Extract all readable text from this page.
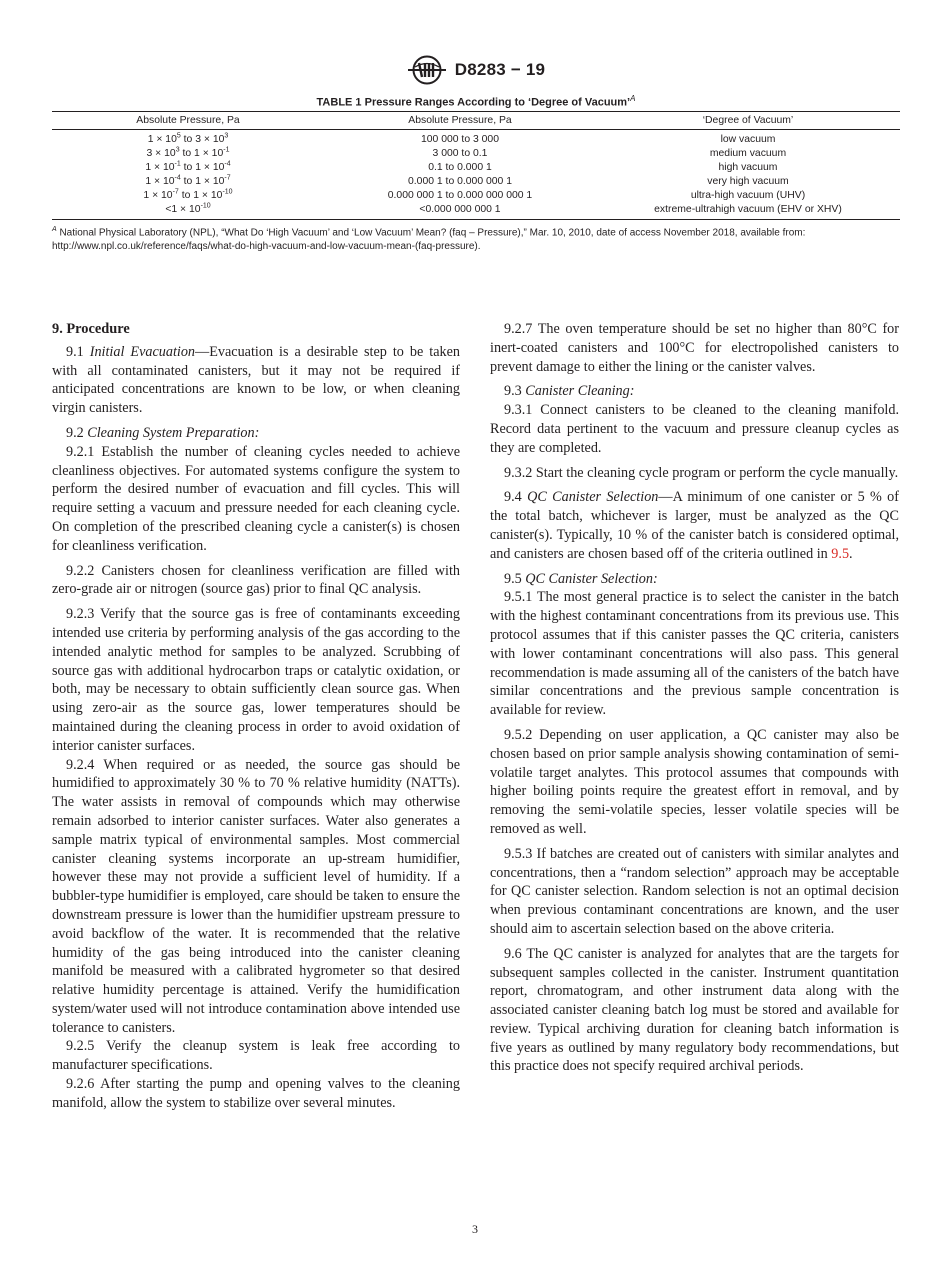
D8283 − 19
TABLE 1 Pressure Ranges According to ‘Degree of Vacuum’$^A$
Absolute Pressure, Pa	Absolute Pressure, Pa	‘Degree of Vacuum’
$1 \times 10^5$ to $3 \times 10^3$	100 000 to 3 000	low vacuum
$3 \times 10^3$ to $1 \times 10^{-1}$	3 000 to 0.1	medium vacuum
$1 \times 10^{-1}$ to $1 \times 10^{-4}$	0.1 to 0.000 1	high vacuum
$1 \times 10^{-4}$ to $1 \times 10^{-7}$	0.000 1 to 0.000 000 1	very high vacuum
$1 \times 10^{-7}$ to $1 \times 10^{-10}$	0.000 000 1 to 0.000 000 000 1	ultra-high vacuum (UHV)
$<1 \times 10^{-10}$	<0.000 000 000 1	extreme-ultrahigh vacuum (EHV or XHV)
$^A$ National Physical Laboratory (NPL), “What Do ‘High Vacuum’ and ‘Low Vacuum’ Mean? (faq – Pressure),” Mar. 10, 2010, date of access November 2018, available from: http://www.npl.co.uk/reference/faqs/what-do-high-vacuum-and-low-vacuum-mean-(faq-pressure).
9. Procedure

9.1 Initial Evacuation—Evacuation is a desirable step to be taken with all contaminated canisters, but it may not be required if anticipated concentrations are known to be low, or when cleaning virgin canisters.

9.2 Cleaning System Preparation:

9.2.1 Establish the number of cleaning cycles needed to achieve cleanliness objectives. For automated systems configure the system to perform the desired number of evacuation and fill cycles. This will require setting a vacuum and pressure needed for each cleaning cycle. On completion of the prescribed cleaning cycle a canister(s) is chosen for cleanliness verification.

9.2.2 Canisters chosen for cleanliness verification are filled with zero-grade air or nitrogen (source gas) prior to final QC analysis.

9.2.3 Verify that the source gas is free of contaminants exceeding intended use criteria by performing analysis of the gas according to the intended analytic method for samples to be analyzed. Scrubbing of source gas with additional hydrocarbon traps or catalytic oxidation, or both, may be necessary to obtain sufficiently clean source gas. When using zero-air as the source gas, lower temperatures should be maintained during the cleaning process in order to avoid oxidation of interior canister surfaces.

9.2.4 When required or as needed, the source gas should be humidified to approximately 30 % to 70 % relative humidity (NATTs). The water assists in removal of compounds which may otherwise remain adsorbed to interior canister surfaces. Water also generates a sample matrix typical of environmental samples. Most commercial canister cleaning systems incorporate an up-stream humidifier, however these may not provide a sufficient level of humidity. If a bubbler-type humidifier is employed, care should be taken to ensure the downstream pressure is lower than the humidifier upstream pressure to avoid backflow of the water. It is recommended that the relative humidity of the gas being introduced into the canister cleaning manifold be measured with a calibrated hygrometer so that desired relative humidity percentage is attained. Verify the humidification system/water used will not introduce contamination above intended use tolerance to canisters.

9.2.5 Verify the cleanup system is leak free according to manufacturer specifications.

9.2.6 After starting the pump and opening valves to the cleaning manifold, allow the system to stabilize over several minutes.

9.2.7 The oven temperature should be set no higher than 80°C for inert-coated canisters and 100°C for electropolished canisters to prevent damage to either the lining or the canister valves.

9.3 Canister Cleaning:

9.3.1 Connect canisters to be cleaned to the cleaning manifold. Record data pertinent to the vacuum and pressure cleanup cycles as they are completed.

9.3.2 Start the cleaning cycle program or perform the cycle manually.

9.4 QC Canister Selection—A minimum of one canister or 5 % of the total batch, whichever is larger, must be analyzed as the QC canister(s). Typically, 10 % of the canister batch is considered optimal, and canisters are chosen based off of the criteria outlined in 9.5.

9.5 QC Canister Selection:

9.5.1 The most general practice is to select the canister in the batch with the highest contaminant concentrations from its previous use. This protocol assumes that if this canister passes the QC criteria, canisters with lower contaminant concentrations will also pass. This general recommendation is made assuming all of the canisters of the batch have similar concentrations and the previous sample concentration is available for review.

9.5.2 Depending on user application, a QC canister may also be chosen based on prior sample analysis showing contamination of semi-volatile target analytes. This protocol assumes that compounds with higher boiling points require the greatest effort in removal, and by removing the semi-volatile species, lesser volatile species will be removed as well.

9.5.3 If batches are created out of canisters with similar analytes and concentrations, then a “random selection” approach may be acceptable for QC canister selection. Random selection is not an optimal decision when previous contaminant concentrations are known, and the user should aim to ascertain selection based on the above criteria.

9.6 The QC canister is analyzed for analytes that are the targets for subsequent samples collected in the canister. Instrument quantitation report, chromatogram, and other instrument data along with the associated canister cleaning batch log must be stored and available for review. Typical archiving duration for cleaning batch information is five years as outlined by many regulatory body recommendations, but this practice does not specify required archival periods.

3
